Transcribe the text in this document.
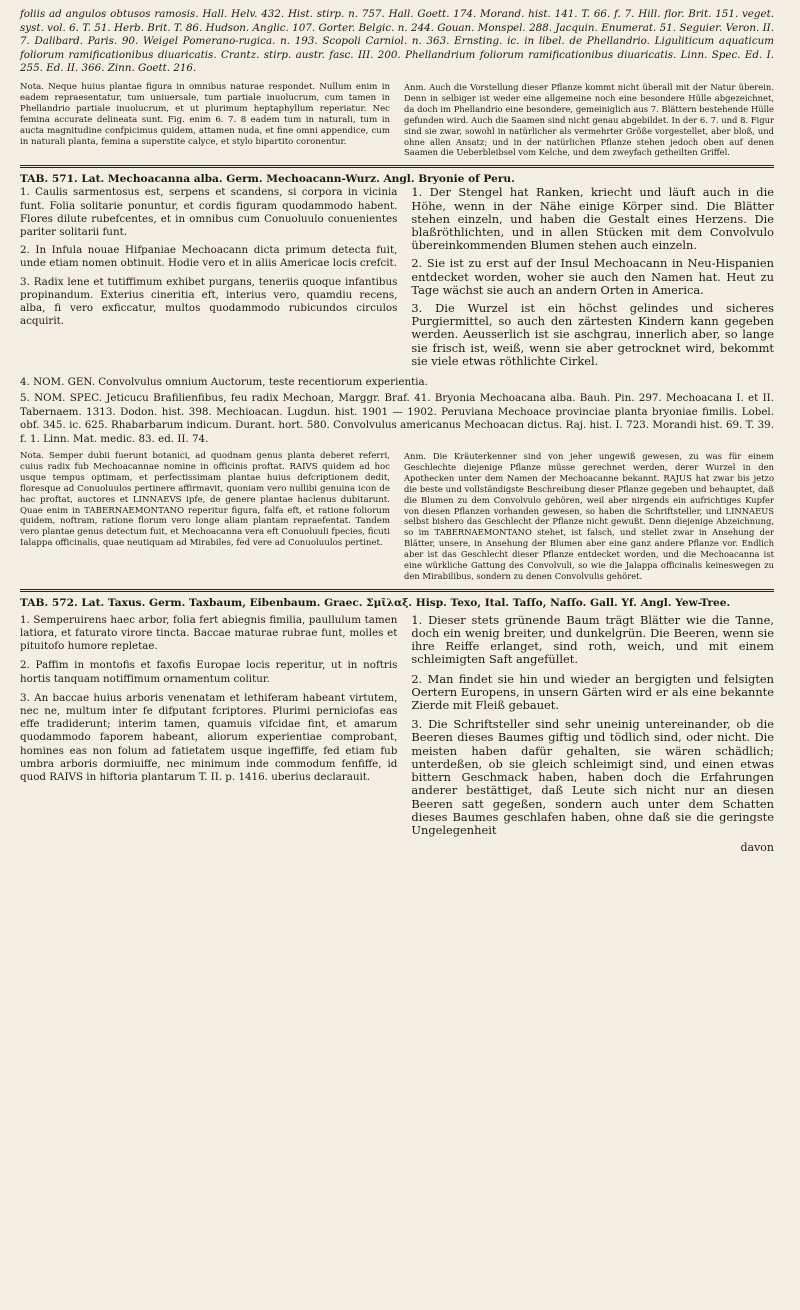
foliis ad angulos obtusos ramosis. Hall. Helv. 432. Hist. stirp. n. 757. Hall. Goett. 174. Morand. hist. 141. T. 66. f. 7. Hill. flor. Brit. 151. veget. syst. vol. 6. T. 51. Herb. Brit. T. 86. Hudson. Anglic. 107. Gorter. Belgic. n. 244. Gouan. Monspel. 288. Jacquin. Enumerat. 51. Seguier. Veron. II. 7. Dalibard. Paris. 90. Weigel Pomerano-rugica. n. 193. Scopoli Carniol. n. 363. Ernsting. ic. in libel. de Phellandrio. Liguliticum aquaticum foliorum ramificationibus diuaricatis. Crantz. stirp. austr. fasc. III. 200. Phellandrium foliorum ramificationibus diuaricatis. Linn. Spec. Ed. I. 255. Ed. II. 366. Zinn. Goett. 216.

Nota. Neque huius plantae figura in omnibus naturae respondet. Nullum enim in eadem repraesentatur, tum uniuersale, tum partiale inuolucrum, cum tamen in Phellandrio partiale inuolucrum, et ut plurimum heptaphyllum reperiatur. Nec femina accurate delineata sunt. Fig. enim 6. 7. 8 eadem tum in naturali, tum in aucta magnitudine confpicimus quidem, attamen nuda, et fine omni appendice, cum in naturali planta, femina a superstite calyce, et stylo bipartito coronentur.

Anm. Auch die Vorstellung dieser Pflanze kommt nicht überall mit der Natur überein. Denn in selbiger ist weder eine allgemeine noch eine besondere Hülle abgezeichnet, da doch im Phellandrio eine besondere, gemeiniglich aus 7. Blättern bestehende Hülle gefunden wird. Auch die Saamen sind nicht genau abgebildet. In der 6. 7. und 8. Figur sind sie zwar, sowohl in natürlicher als vermehrter Größe vorgestellet, aber bloß, und ohne allen Ansatz; und in der natürlichen Pflanze stehen jedoch oben auf denen Saamen die Ueberbleibsel vom Kelche, und dem zweyfach getheilten Griffel.

TAB. 571. Lat. Mechoacanna alba. Germ. Mechoacann-Wurz. Angl. Bryonie of Peru.

1. Caulis sarmentosus est, serpens et scandens, si corpora in vicinia funt. Folia solitarie ponuntur, et cordis figuram quodammodo habent. Flores dilute rubefcentes, et in omnibus cum Conuoluulo conuenientes pariter solitarii funt.

2. In Infula nouae Hifpaniae Mechoacann dicta primum detecta fuit, unde etiam nomen obtinuit. Hodie vero et in aliis Americae locis crefcit.

3. Radix lene et tutiffimum exhibet purgans, teneriis quoque infantibus propinandum. Exterius cineritia eft, interius vero, quamdiu recens, alba, fi vero exficcatur, multos quodammodo rubicundos circulos acquirit.

1. Der Stengel hat Ranken, kriecht und läuft auch in die Höhe, wenn in der Nähe einige Körper sind. Die Blätter stehen einzeln, und haben die Gestalt eines Herzens. Die blaßröthlichten, und in allen Stücken mit dem Convolvulo übereinkommenden Blumen stehen auch einzeln.

2. Sie ist zu erst auf der Insul Mechoacann in Neu-Hispanien entdecket worden, woher sie auch den Namen hat. Heut zu Tage wächst sie auch an andern Orten in America.

3. Die Wurzel ist ein höchst gelindes und sicheres Purgiermittel, so auch den zärtesten Kindern kann gegeben werden. Aeusserlich ist sie aschgrau, innerlich aber, so lange sie frisch ist, weiß, wenn sie aber getrocknet wird, bekommt sie viele etwas röthlichte Cirkel.

4. NOM. GEN. Convolvulus omnium Auctorum, teste recentiorum experientia.

5. NOM. SPEC. Jeticucu Brafilienfibus, feu radix Mechoan, Marggr. Braf. 41. Bryonia Mechoacana alba. Bauh. Pin. 297. Mechoacana I. et II. Tabernaem. 1313. Dodon. hist. 398. Mechioacan. Lugdun. hist. 1901 — 1902. Peruviana Mechoace provinciae planta bryoniae fimilis. Lobel. obf. 345. ic. 625. Rhabarbarum indicum. Durant. hort. 580. Convolvulus americanus Mechoacan dictus. Raj. hist. I. 723. Morandi hist. 69. T. 39. f. 1. Linn. Mat. medic. 83. ed. II. 74.

Nota. Semper dubii fuerunt botanici, ad quodnam genus planta deberet referri, cuius radix fub Mechoacannae nomine in officinis proftat. RAIVS quidem ad hoc usque tempus optimam, et perfectissimam plantae huius defcriptionem dedit, floresque ad Conuoluulos pertinere affirmavit, quoniam vero nullibi genuina icon de hac proftat, auctores et LINNAEVS ipfe, de genere plantae haclenus dubitarunt. Quae enim in TABERNAEMONTANO reperitur figura, falfa eft, et ratione foliorum quidem, noftram, ratione florum vero longe aliam plantam repraefentat. Tandem vero plantae genus detectum fuit, et Mechoacanna vera eft Conuoluuli fpecies, ficuti Ialappa officinalis, quae neutiquam ad Mirabiles, fed vere ad Conuoluulos pertinet.

Anm. Die Kräuterkenner sind von jeher ungewiß gewesen, zu was für einem Geschlechte diejenige Pflanze müsse gerechnet werden, derer Wurzel in den Apothecken unter dem Namen der Mechoacanne bekannt. RAJUS hat zwar bis jetzo die beste und vollständigste Beschreibung dieser Pflanze gegeben und behauptet, daß die Blumen zu dem Convolvulo gehören, weil aber nirgends ein aufrichtiges Kupfer von diesen Pflanzen vorhanden gewesen, so haben die Schriftsteller, und LINNAEUS selbst bishero das Geschlecht der Pflanze nicht gewußt. Denn diejenige Abzeichnung, so im TABERNAEMONTANO stehet, ist falsch, und stellet zwar in Ansehung der Blätter, unsere, in Ansehung der Blumen aber eine ganz andere Pflanze vor. Endlich aber ist das Geschlecht dieser Pflanze entdecket worden, und die Mechoacanna ist eine würkliche Gattung des Convolvuli, so wie die Jalappa officinalis keineswegen zu den Mirabilibus, sondern zu denen Convolvulis gehöret.

TAB. 572. Lat. Taxus. Germ. Taxbaum, Eibenbaum. Graec. Σμῖλαξ. Hisp. Texo, Ital. Taſſo, Naſſo. Gall. Yf. Angl. Yew-Tree.

1. Semperuirens haec arbor, folia fert abiegnis fimilia, paullulum tamen latiora, et faturato virore tincta. Baccae maturae rubrae funt, molles et pituitofo humore repletae.

2. Paffim in montofis et faxofis Europae locis reperitur, ut in noftris hortis tanquam notiffimum ornamentum colitur.

3. An baccae huius arboris venenatam et lethiferam habeant virtutem, nec ne, multum inter fe difputant fcriptores. Plurimi perniciofas eas effe tradiderunt; interim tamen, quamuis vifcidae fint, et amarum quodammodo faporem habeant, aliorum experientiae comprobant, homines eas non folum ad fatietatem usque ingeffiffe, fed etiam fub umbra arboris dormiuiffe, nec minimum inde commodum fenfiffe, id quod RAIVS in hiftoria plantarum T. II. p. 1416. uberius declarauit.

1. Dieser stets grünende Baum trägt Blätter wie die Tanne, doch ein wenig breiter, und dunkelgrün. Die Beeren, wenn sie ihre Reiffe erlanget, sind roth, weich, und mit einem schleimigten Saft angefüllet.

2. Man findet sie hin und wieder an bergigten und felsigten Oertern Europens, in unsern Gärten wird er als eine bekannte Zierde mit Fleiß gebauet.

3. Die Schriftsteller sind sehr uneinig untereinander, ob die Beeren dieses Baumes giftig und tödlich sind, oder nicht. Die meisten haben dafür gehalten, sie wären schädlich; unterdeßen, ob sie gleich schleimigt sind, und einen etwas bittern Geschmack haben, haben doch die Erfahrungen anderer bestättiget, daß Leute sich nicht nur an diesen Beeren satt gegeßen, sondern auch unter dem Schatten dieses Baumes geschlafen haben, ohne daß sie die geringste Ungelegenheit

davon
